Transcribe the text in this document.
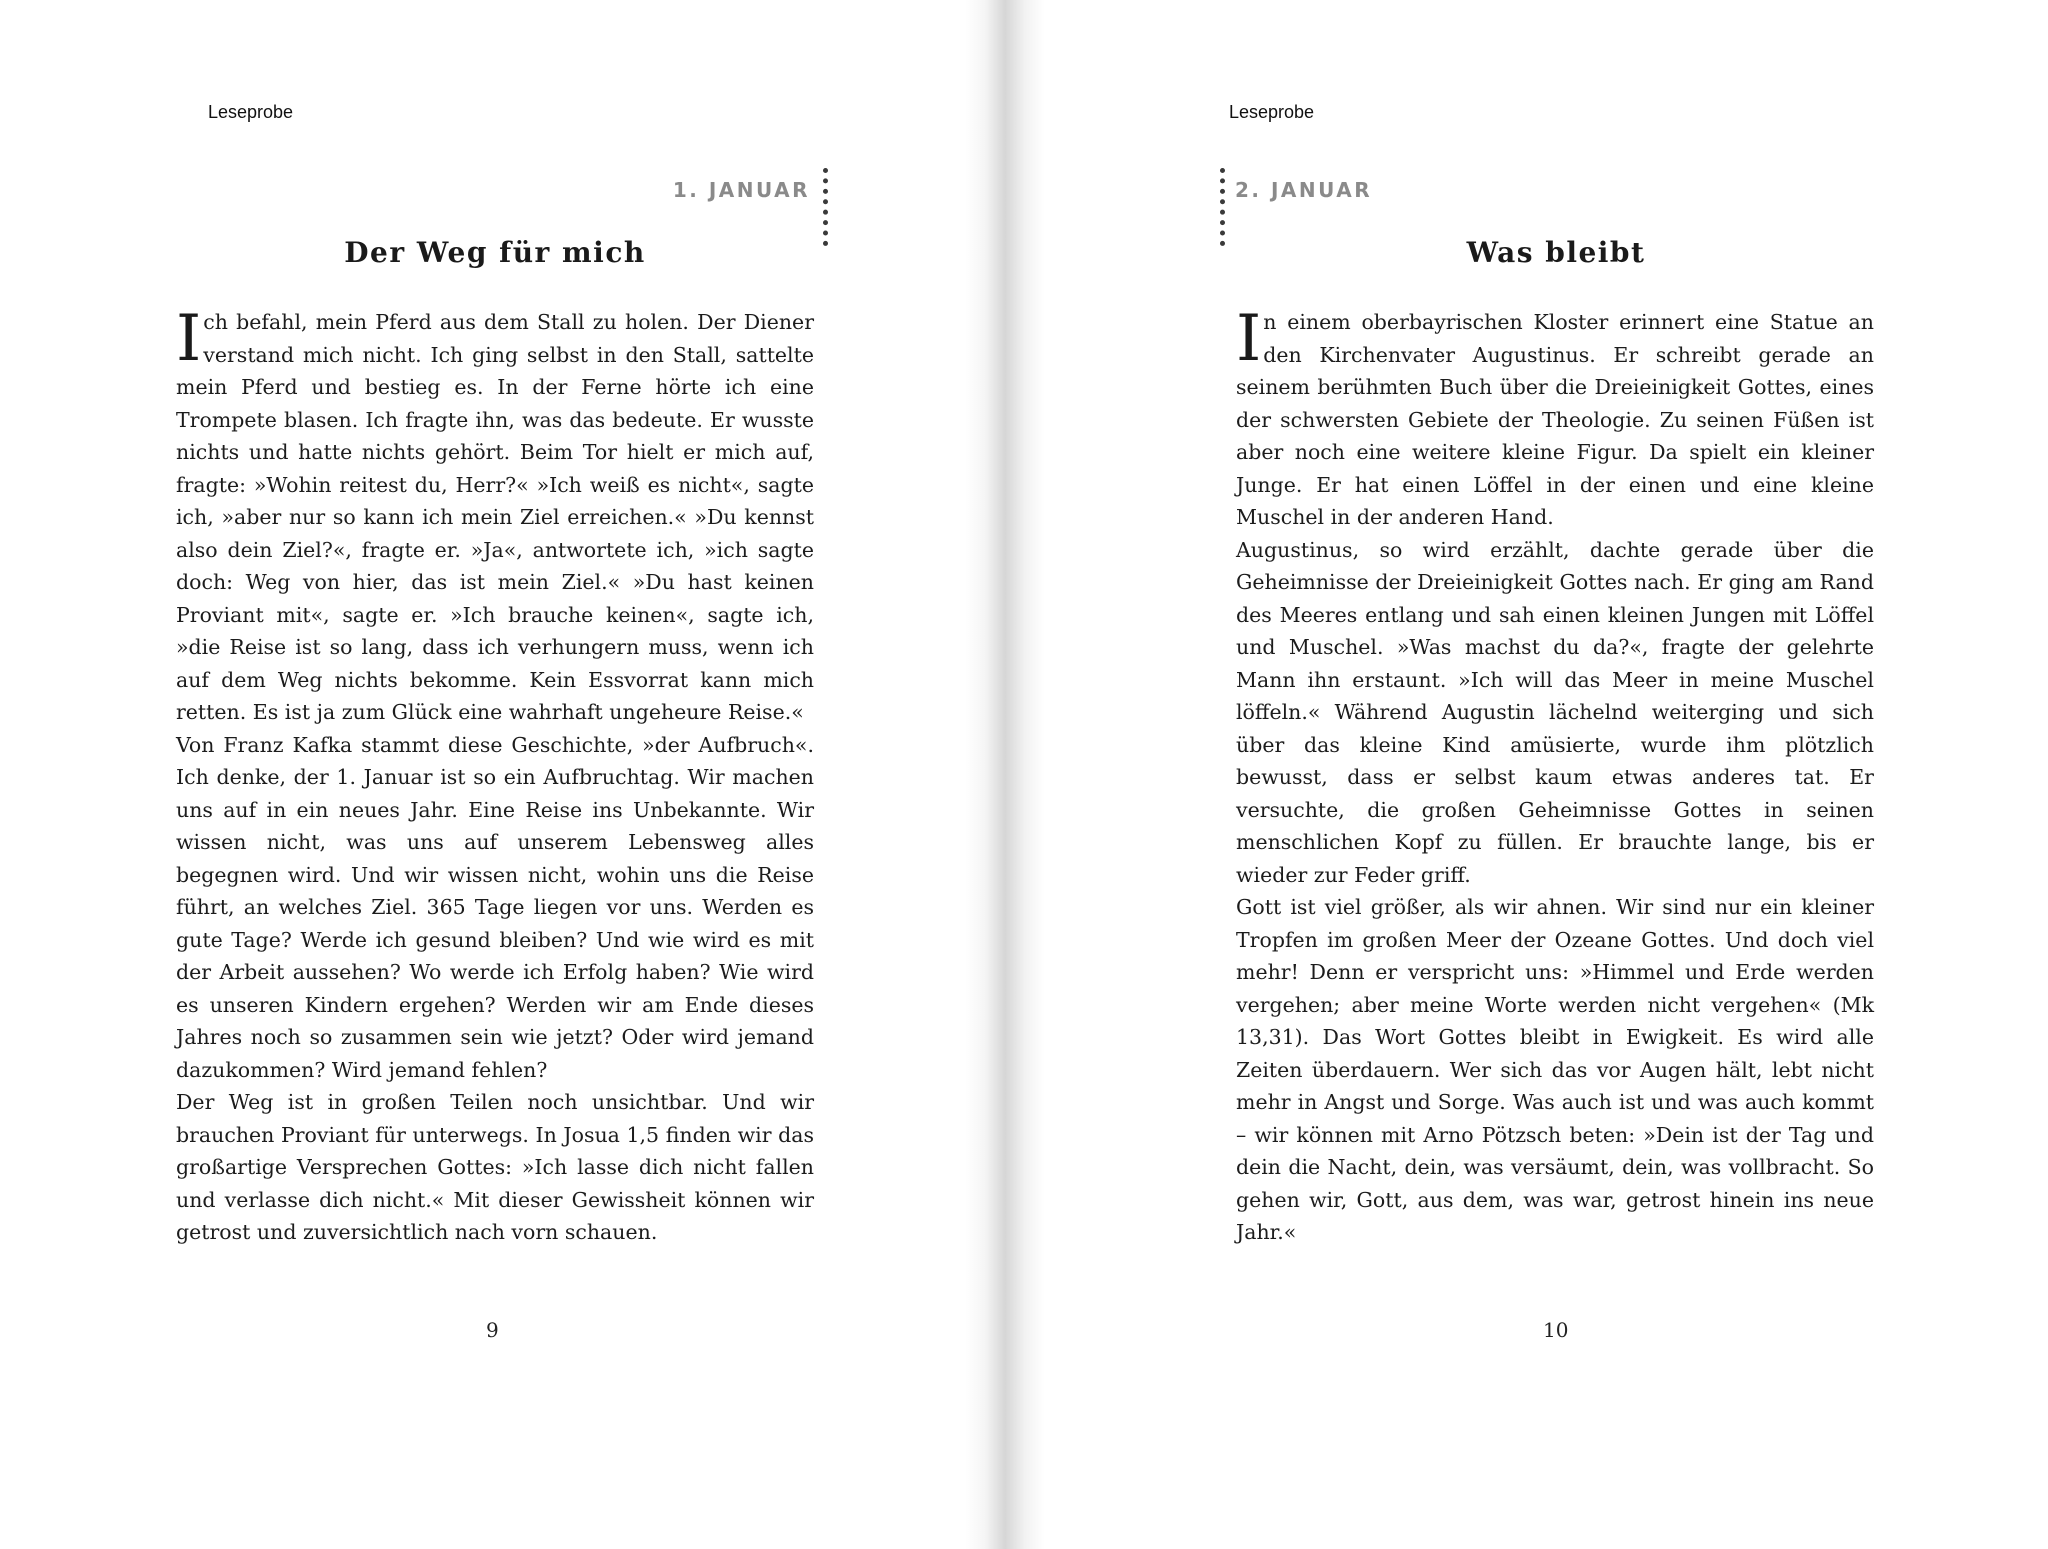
Leseprobe
1. JANUAR
Der Weg für mich

Ich befahl, mein Pferd aus dem Stall zu holen. Der Diener verstand mich nicht. Ich ging selbst in den Stall, sattelte mein Pferd und bestieg es. In der Ferne hörte ich eine Trompete blasen. Ich fragte ihn, was das bedeute. Er wusste nichts und hatte nichts gehört. Beim Tor hielt er mich auf, fragte: »Wohin reitest du, Herr?« »Ich weiß es nicht«, sagte ich, »aber nur so kann ich mein Ziel erreichen.« »Du kennst also dein Ziel?«, fragte er. »Ja«, antwortete ich, »ich sagte doch: Weg von hier, das ist mein Ziel.« »Du hast keinen Proviant mit«, sagte er. »Ich brauche keinen«, sagte ich, »die Reise ist so lang, dass ich verhungern muss, wenn ich auf dem Weg nichts bekomme. Kein Essvorrat kann mich retten. Es ist ja zum Glück eine wahrhaft ungeheure Reise.«

Von Franz Kafka stammt diese Geschichte, »der Aufbruch«. Ich denke, der 1. Januar ist so ein Aufbruchtag. Wir machen uns auf in ein neues Jahr. Eine Reise ins Unbekannte. Wir wissen nicht, was uns auf unserem Lebensweg alles begegnen wird. Und wir wissen nicht, wohin uns die Reise führt, an welches Ziel. 365 Tage liegen vor uns. Werden es gute Tage? Werde ich gesund bleiben? Und wie wird es mit der Arbeit aussehen? Wo werde ich Erfolg haben? Wie wird es unseren Kindern ergehen? Werden wir am Ende dieses Jahres noch so zusammen sein wie jetzt? Oder wird jemand dazukommen? Wird jemand fehlen?

Der Weg ist in großen Teilen noch unsichtbar. Und wir brauchen Proviant für unterwegs. In Josua 1,5 finden wir das großartige Versprechen Gottes: »Ich lasse dich nicht fallen und verlasse dich nicht.« Mit dieser Gewissheit können wir getrost und zuversichtlich nach vorn schauen.

9
Leseprobe
2. JANUAR
Was bleibt

In einem oberbayrischen Kloster erinnert eine Statue an den Kirchenvater Augustinus. Er schreibt gerade an seinem berühmten Buch über die Dreieinigkeit Gottes, eines der schwersten Gebiete der Theologie. Zu seinen Füßen ist aber noch eine weitere kleine Figur. Da spielt ein kleiner Junge. Er hat einen Löffel in der einen und eine kleine Muschel in der anderen Hand.

Augustinus, so wird erzählt, dachte gerade über die Geheimnisse der Dreieinigkeit Gottes nach. Er ging am Rand des Meeres entlang und sah einen kleinen Jungen mit Löffel und Muschel. »Was machst du da?«, fragte der gelehrte Mann ihn erstaunt. »Ich will das Meer in meine Muschel löffeln.« Während Augustin lächelnd weiterging und sich über das kleine Kind amüsierte, wurde ihm plötzlich bewusst, dass er selbst kaum etwas anderes tat. Er versuchte, die großen Geheimnisse Gottes in seinen menschlichen Kopf zu füllen. Er brauchte lange, bis er wieder zur Feder griff.

Gott ist viel größer, als wir ahnen. Wir sind nur ein kleiner Tropfen im großen Meer der Ozeane Gottes. Und doch viel mehr! Denn er verspricht uns: »Himmel und Erde werden vergehen; aber meine Worte werden nicht vergehen« (Mk 13,31). Das Wort Gottes bleibt in Ewigkeit. Es wird alle Zeiten überdauern. Wer sich das vor Augen hält, lebt nicht mehr in Angst und Sorge. Was auch ist und was auch kommt – wir können mit Arno Pötzsch beten: »Dein ist der Tag und dein die Nacht, dein, was versäumt, dein, was vollbracht. So gehen wir, Gott, aus dem, was war, getrost hinein ins neue Jahr.«

10
